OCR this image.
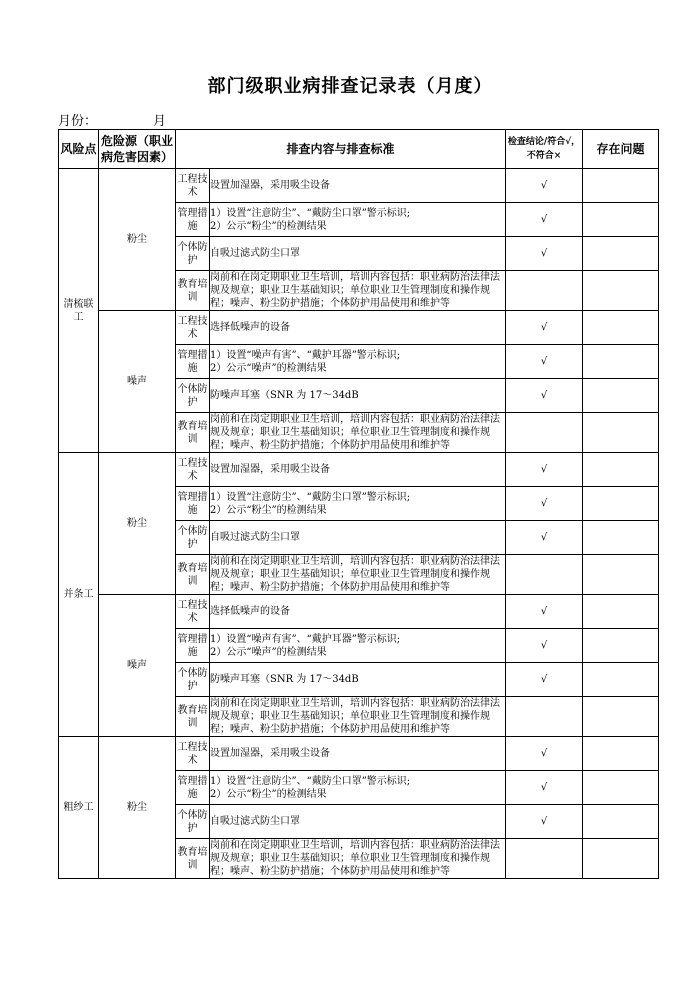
部门级职业病排查记录表（月度）
月份：	月
风险点	危险源（职业病危害因素）	排查内容与排查标准		检查结论/符合√，
不符合×	存在问题
清梳联工	粉尘	工程技术	设置加湿器，采用吸尘设备	√	
		管理措施	1）设置“注意防尘”、“戴防尘口罩”警示标识;
2）公示“粉尘”的检测结果	√	
		个体防护	自吸过滤式防尘口罩	√	
		教育培训	岗前和在岗定期职业卫生培训，培训内容包括：职业病防治法律法规及规章；职业卫生基础知识；单位职业卫生管理制度和操作规程；噪声、粉尘防护措施；个体防护用品使用和维护等		
	噪声	工程技术	选择低噪声的设备	√	
		管理措施	1）设置“噪声有害”、“戴护耳器”警示标识;
2）公示“噪声”的检测结果	√	
		个体防护	防噪声耳塞（SNR 为 17～34dB	√	
		教育培训	岗前和在岗定期职业卫生培训，培训内容包括：职业病防治法律法规及规章；职业卫生基础知识；单位职业卫生管理制度和操作规程；噪声、粉尘防护措施；个体防护用品使用和维护等		
并条工	粉尘	工程技术	设置加湿器，采用吸尘设备	√	
		管理措施	1）设置“注意防尘”、“戴防尘口罩”警示标识;
2）公示“粉尘”的检测结果	√	
		个体防护	自吸过滤式防尘口罩	√	
		教育培训	岗前和在岗定期职业卫生培训，培训内容包括：职业病防治法律法规及规章；职业卫生基础知识；单位职业卫生管理制度和操作规程；噪声、粉尘防护措施；个体防护用品使用和维护等		
	噪声	工程技术	选择低噪声的设备	√	
		管理措施	1）设置“噪声有害”、“戴护耳器”警示标识;
2）公示“噪声”的检测结果	√	
		个体防护	防噪声耳塞（SNR 为 17～34dB	√	
		教育培训	岗前和在岗定期职业卫生培训，培训内容包括：职业病防治法律法规及规章；职业卫生基础知识；单位职业卫生管理制度和操作规程；噪声、粉尘防护措施；个体防护用品使用和维护等		
粗纱工	粉尘	工程技术	设置加湿器，采用吸尘设备	√	
		管理措施	1）设置“注意防尘”、“戴防尘口罩”警示标识;
2）公示“粉尘”的检测结果	√	
		个体防护	自吸过滤式防尘口罩	√	
		教育培训	岗前和在岗定期职业卫生培训，培训内容包括：职业病防治法律法规及规章；职业卫生基础知识；单位职业卫生管理制度和操作规程；噪声、粉尘防护措施；个体防护用品使用和维护等		
